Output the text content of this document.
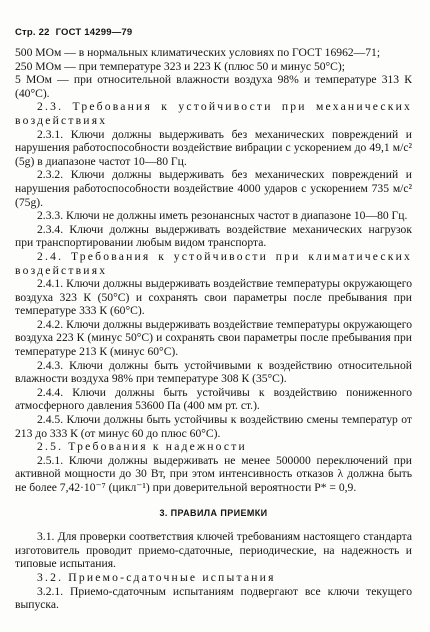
Стр. 22 ГОСТ 14299—79

500 МОм — в нормальных климатических условиях по ГОСТ 16962—71;

250 МОм — при температуре 323 и 223 К (плюс 50 и минус 50°С);

5 МОм — при относительной влажности воздуха 98% и температуре 313 К (40°С).

2.3. Требования к устойчивости при механических воздействиях

2.3.1. Ключи должны выдерживать без механических повреждений и нарушения работоспособности воздействие вибрации с ускорением до 49,1 м/с² (5g) в диапазоне частот 10—80 Гц.

2.3.2. Ключи должны выдерживать без механических повреждений и нарушения работоспособности воздействие 4000 ударов с ускорением 735 м/с² (75g).

2.3.3. Ключи не должны иметь резонансных частот в диапазоне 10—80 Гц.

2.3.4. Ключи должны выдерживать воздействие механических нагрузок при транспортировании любым видом транспорта.

2.4. Требования к устойчивости при климатических воздействиях

2.4.1. Ключи должны выдерживать воздействие температуры окружающего воздуха 323 К (50°С) и сохранять свои параметры после пребывания при температуре 333 К (60°С).

2.4.2. Ключи должны выдерживать воздействие температуры окружающего воздуха 223 К (минус 50°С) и сохранять свои параметры после пребывания при температуре 213 К (минус 60°С).

2.4.3. Ключи должны быть устойчивыми к воздействию относительной влажности воздуха 98% при температуре 308 К (35°С).

2.4.4. Ключи должны быть устойчивы к воздействию пониженного атмосферного давления 53600 Па (400 мм рт. ст.).

2.4.5. Ключи должны быть устойчивы к воздействию смены температур от 213 до 333 К (от минус 60 до плюс 60°С).

2.5. Требования к надежности

2.5.1. Ключи должны выдерживать не менее 500000 переключений при активной мощности до 30 Вт, при этом интенсивность отказов λ должна быть не более 7,42·10⁻⁷ (цикл⁻¹) при доверительной вероятности P* = 0,9.

3. ПРАВИЛА ПРИЕМКИ

3.1. Для проверки соответствия ключей требованиям настоящего стандарта изготовитель проводит приемо-сдаточные, периодические, на надежность и типовые испытания.

3.2. Приемо-сдаточные испытания

3.2.1. Приемо-сдаточным испытаниям подвергают все ключи текущего выпуска.
